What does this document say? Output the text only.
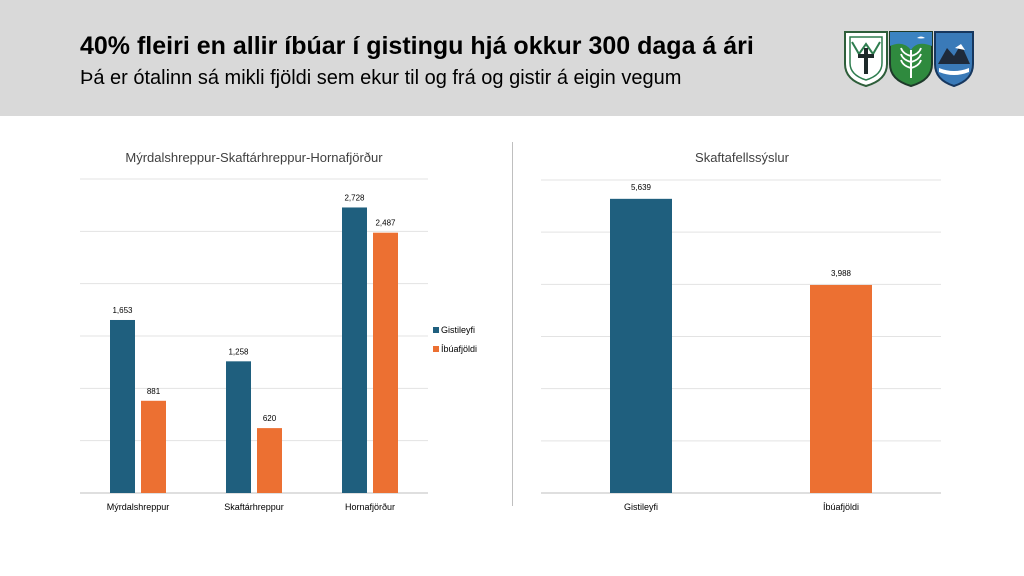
40% fleiri en allir íbúar í gistingu hjá okkur 300 daga á ári
Þá er ótalinn sá mikli fjöldi sem ekur til og frá og gistir á eigin vegum
Mýrdalshreppur-Skaftárhreppur-Hornafjörður
1,653
881
1,258
620
2,728
2,487
Mýrdalshreppur	Skaftárhreppur	Hornafjörður
Gistileyfi
Íbúafjöldi
Skaftafellssýslur
5,639
3,988
Gistileyfi	Íbúafjöldi
